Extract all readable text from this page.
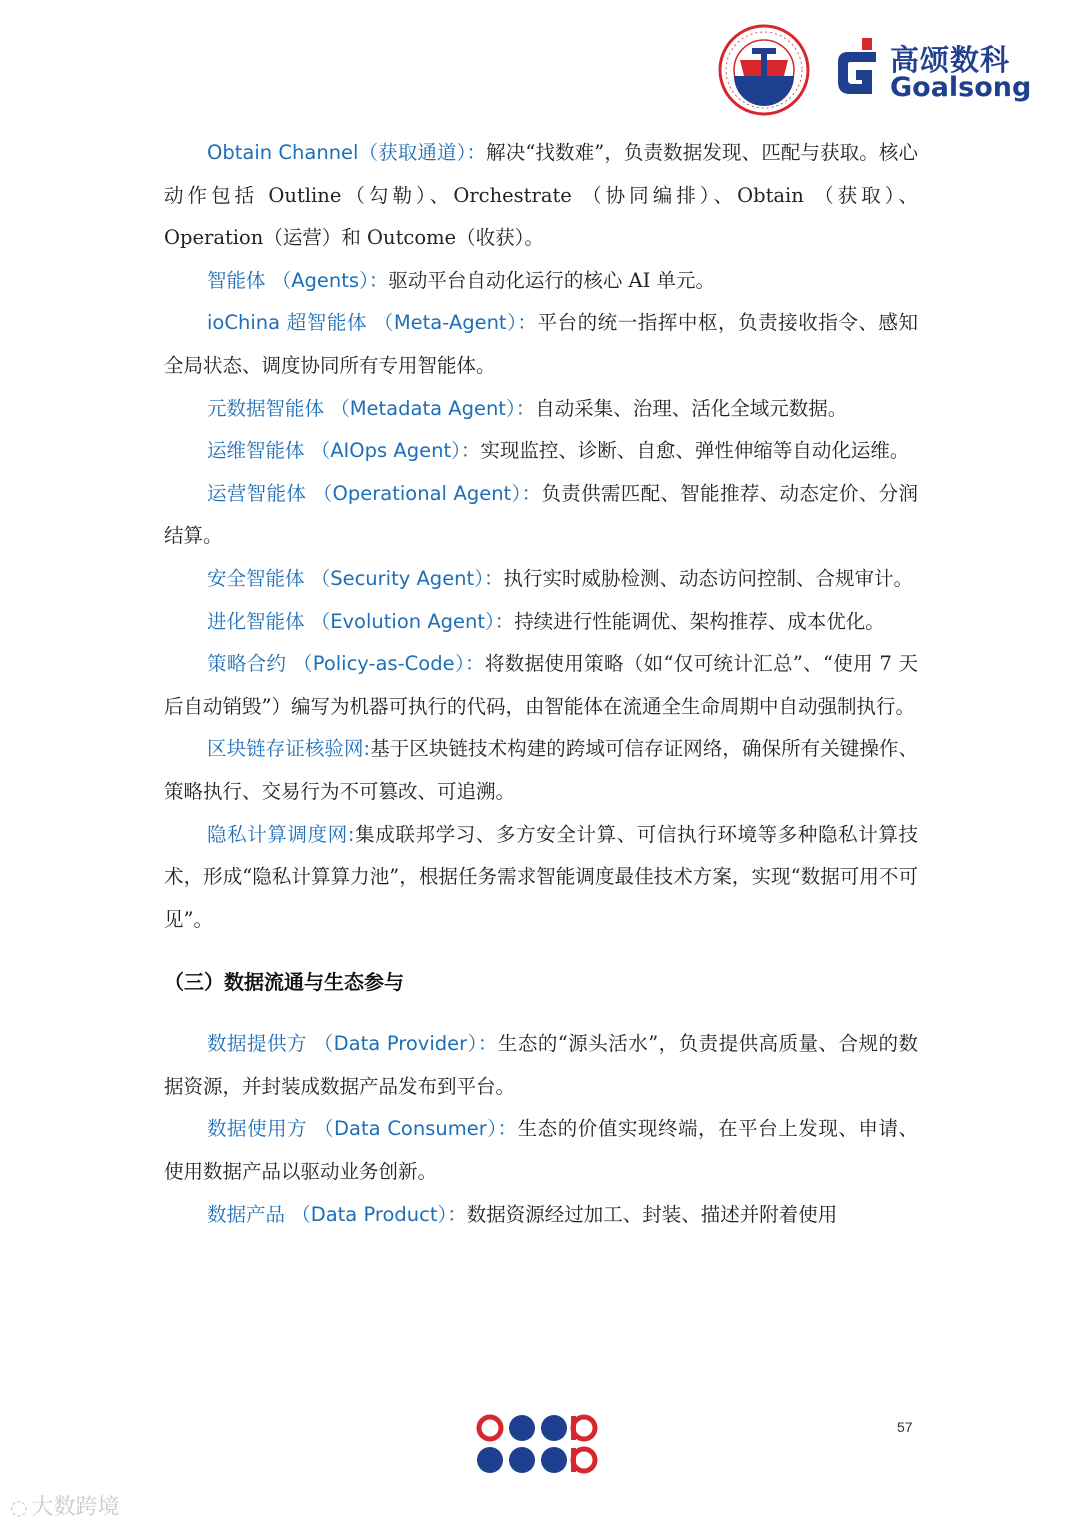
高颂数科
Goalsong

Obtain Channel（获取通道）：解决“找数难”，负责数据发现、匹配与获取。核心动作包括 Outline（勾勒）、Orchestrate （协同编排）、Obtain （获取）、Operation（运营）和 Outcome（收获）。

智能体 （Agents）：驱动平台自动化运行的核心 AI 单元。

ioChina 超智能体 （Meta-Agent）：平台的统一指挥中枢，负责接收指令、感知全局状态、调度协同所有专用智能体。

元数据智能体 （Metadata Agent）：自动采集、治理、活化全域元数据。

运维智能体 （AIOps Agent）：实现监控、诊断、自愈、弹性伸缩等自动化运维。

运营智能体 （Operational Agent）：负责供需匹配、智能推荐、动态定价、分润结算。

安全智能体 （Security Agent）：执行实时威胁检测、动态访问控制、合规审计。

进化智能体 （Evolution Agent）：持续进行性能调优、架构推荐、成本优化。

策略合约 （Policy-as-Code）：将数据使用策略（如“仅可统计汇总”、“使用 7 天后自动销毁”）编写为机器可执行的代码，由智能体在流通全生命周期中自动强制执行。

区块链存证核验网:基于区块链技术构建的跨域可信存证网络，确保所有关键操作、策略执行、交易行为不可篡改、可追溯。

隐私计算调度网:集成联邦学习、多方安全计算、可信执行环境等多种隐私计算技术，形成“隐私计算算力池”，根据任务需求智能调度最佳技术方案，实现“数据可用不可见”。

（三）数据流通与生态参与

数据提供方 （Data Provider）：生态的“源头活水”，负责提供高质量、合规的数据资源，并封装成数据产品发布到平台。

数据使用方 （Data Consumer）：生态的价值实现终端，在平台上发现、申请、使用数据产品以驱动业务创新。

数据产品 （Data Product）：数据资源经过加工、封装、描述并附着使用

57
◌ 大数跨境
